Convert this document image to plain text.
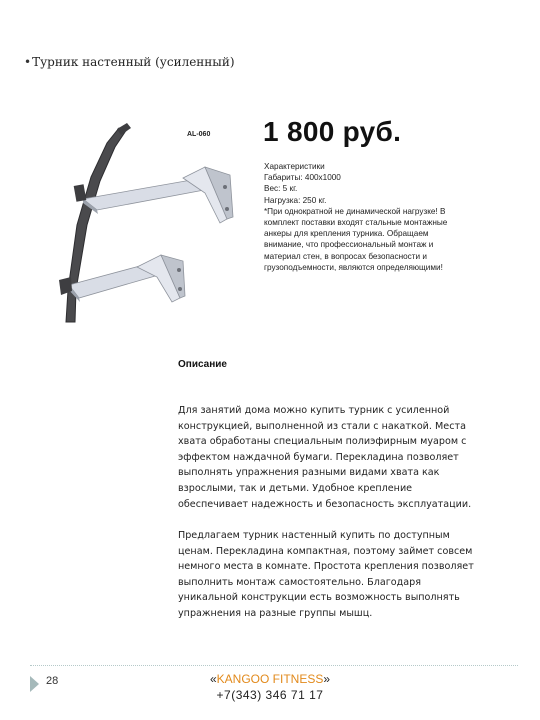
•Турник настенный (усиленный)
AL-060 1 800 руб.
Характеристики
Габариты: 400x1000
Вес: 5 кг.
Нагрузка: 250 кг.
*При однократной не динамической нагрузке! В
комплект поставки входят стальные монтажные
анкеры для крепления турника. Обращаем
внимание, что профессиональный монтаж и
материал стен, в вопросах безопасности и
грузоподъемности, являются определяющими!
Описание
Для занятий дома можно купить турник с усиленной
конструкцией, выполненной из стали с накаткой. Места
хвата обработаны специальным полиэфирным муаром с
эффектом наждачной бумаги. Перекладина позволяет
выполнять упражнения разными видами хвата как
взрослыми, так и детьми. Удобное крепление
обеспечивает надежность и безопасность эксплуатации.
Предлагаем турник настенный купить по доступным
ценам. Перекладина компактная, поэтому займет совсем
немного места в комнате. Простота крепления позволяет
выполнить монтаж самостоятельно. Благодаря
уникальной конструкции есть возможность выполнять
упражнения на разные группы мышц.
28	«KANGOO FITNESS»
+7(343) 346 71 17
